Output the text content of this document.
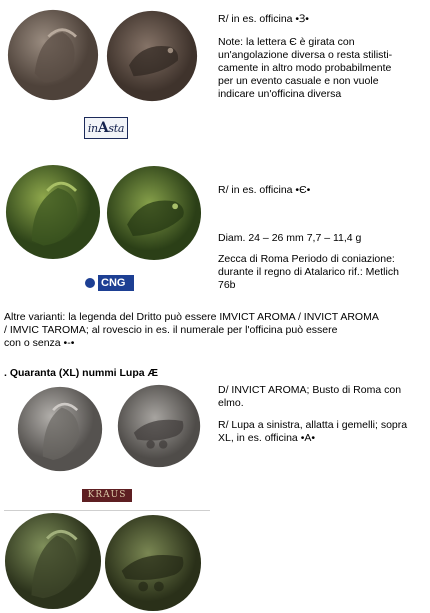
in A sta
R/ in es. officina •Ɜ•
Note: la lettera Є è girata con
un'angolazione diversa o resta stilisti-
camente in altro modo probabilmente
per un evento casuale e non vuole
indicare un'officina diversa
CNG
R/ in es. officina •Є•
Diam. 24 – 26 mm 7,7 – 11,4 g
Zecca di Roma Periodo di coniazione:
durante il regno di Atalarico rif.: Metlich
76b
Altre varianti: la legenda del Dritto può essere IMVICT AROMA / INVICT AROMA
/ IMVIC TAROMA; al rovescio in es. il numerale per l'officina può essere
con o senza •-•
. Quaranta (XL) nummi Lupa Æ
KRAUS
D/ INVICT AROMA; Busto di Roma con
elmo.
R/ Lupa a sinistra, allatta i gemelli; sopra
XL, in es. officina •A•
